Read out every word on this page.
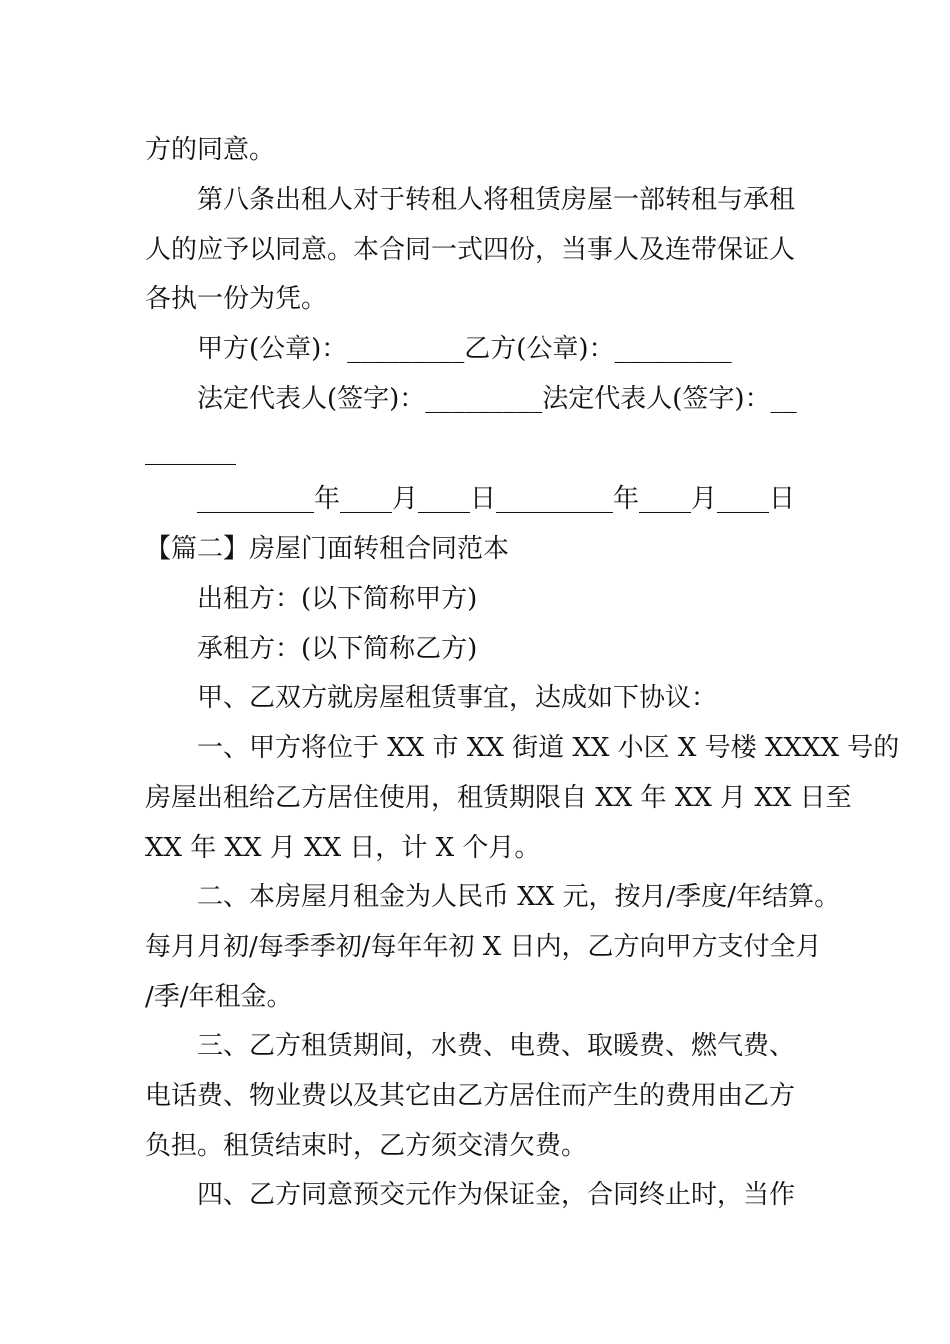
方的同意。
第八条出租人对于转租人将租赁房屋一部转租与承租
人的应予以同意。本合同一式四份，当事人及连带保证人
各执一份为凭。
甲方(公章)：_________乙方(公章)：_________
法定代表人(签字)：_________法定代表人(签字)：__
_______
_________年____月____日_________年____月____日
【篇二】房屋门面转租合同范本
出租方：(以下简称甲方)
承租方：(以下简称乙方)
甲、乙双方就房屋租赁事宜，达成如下协议：
一、甲方将位于 XX 市 XX 街道 XX 小区 X 号楼 XXXX 号的
房屋出租给乙方居住使用，租赁期限自 XX 年 XX 月 XX 日至
XX 年 XX 月 XX 日，计 X 个月。
二、本房屋月租金为人民币 XX 元，按月/季度/年结算。
每月月初/每季季初/每年年初 X 日内，乙方向甲方支付全月
/季/年租金。
三、乙方租赁期间，水费、电费、取暖费、燃气费、
电话费、物业费以及其它由乙方居住而产生的费用由乙方
负担。租赁结束时，乙方须交清欠费。
四、乙方同意预交元作为保证金，合同终止时，当作
